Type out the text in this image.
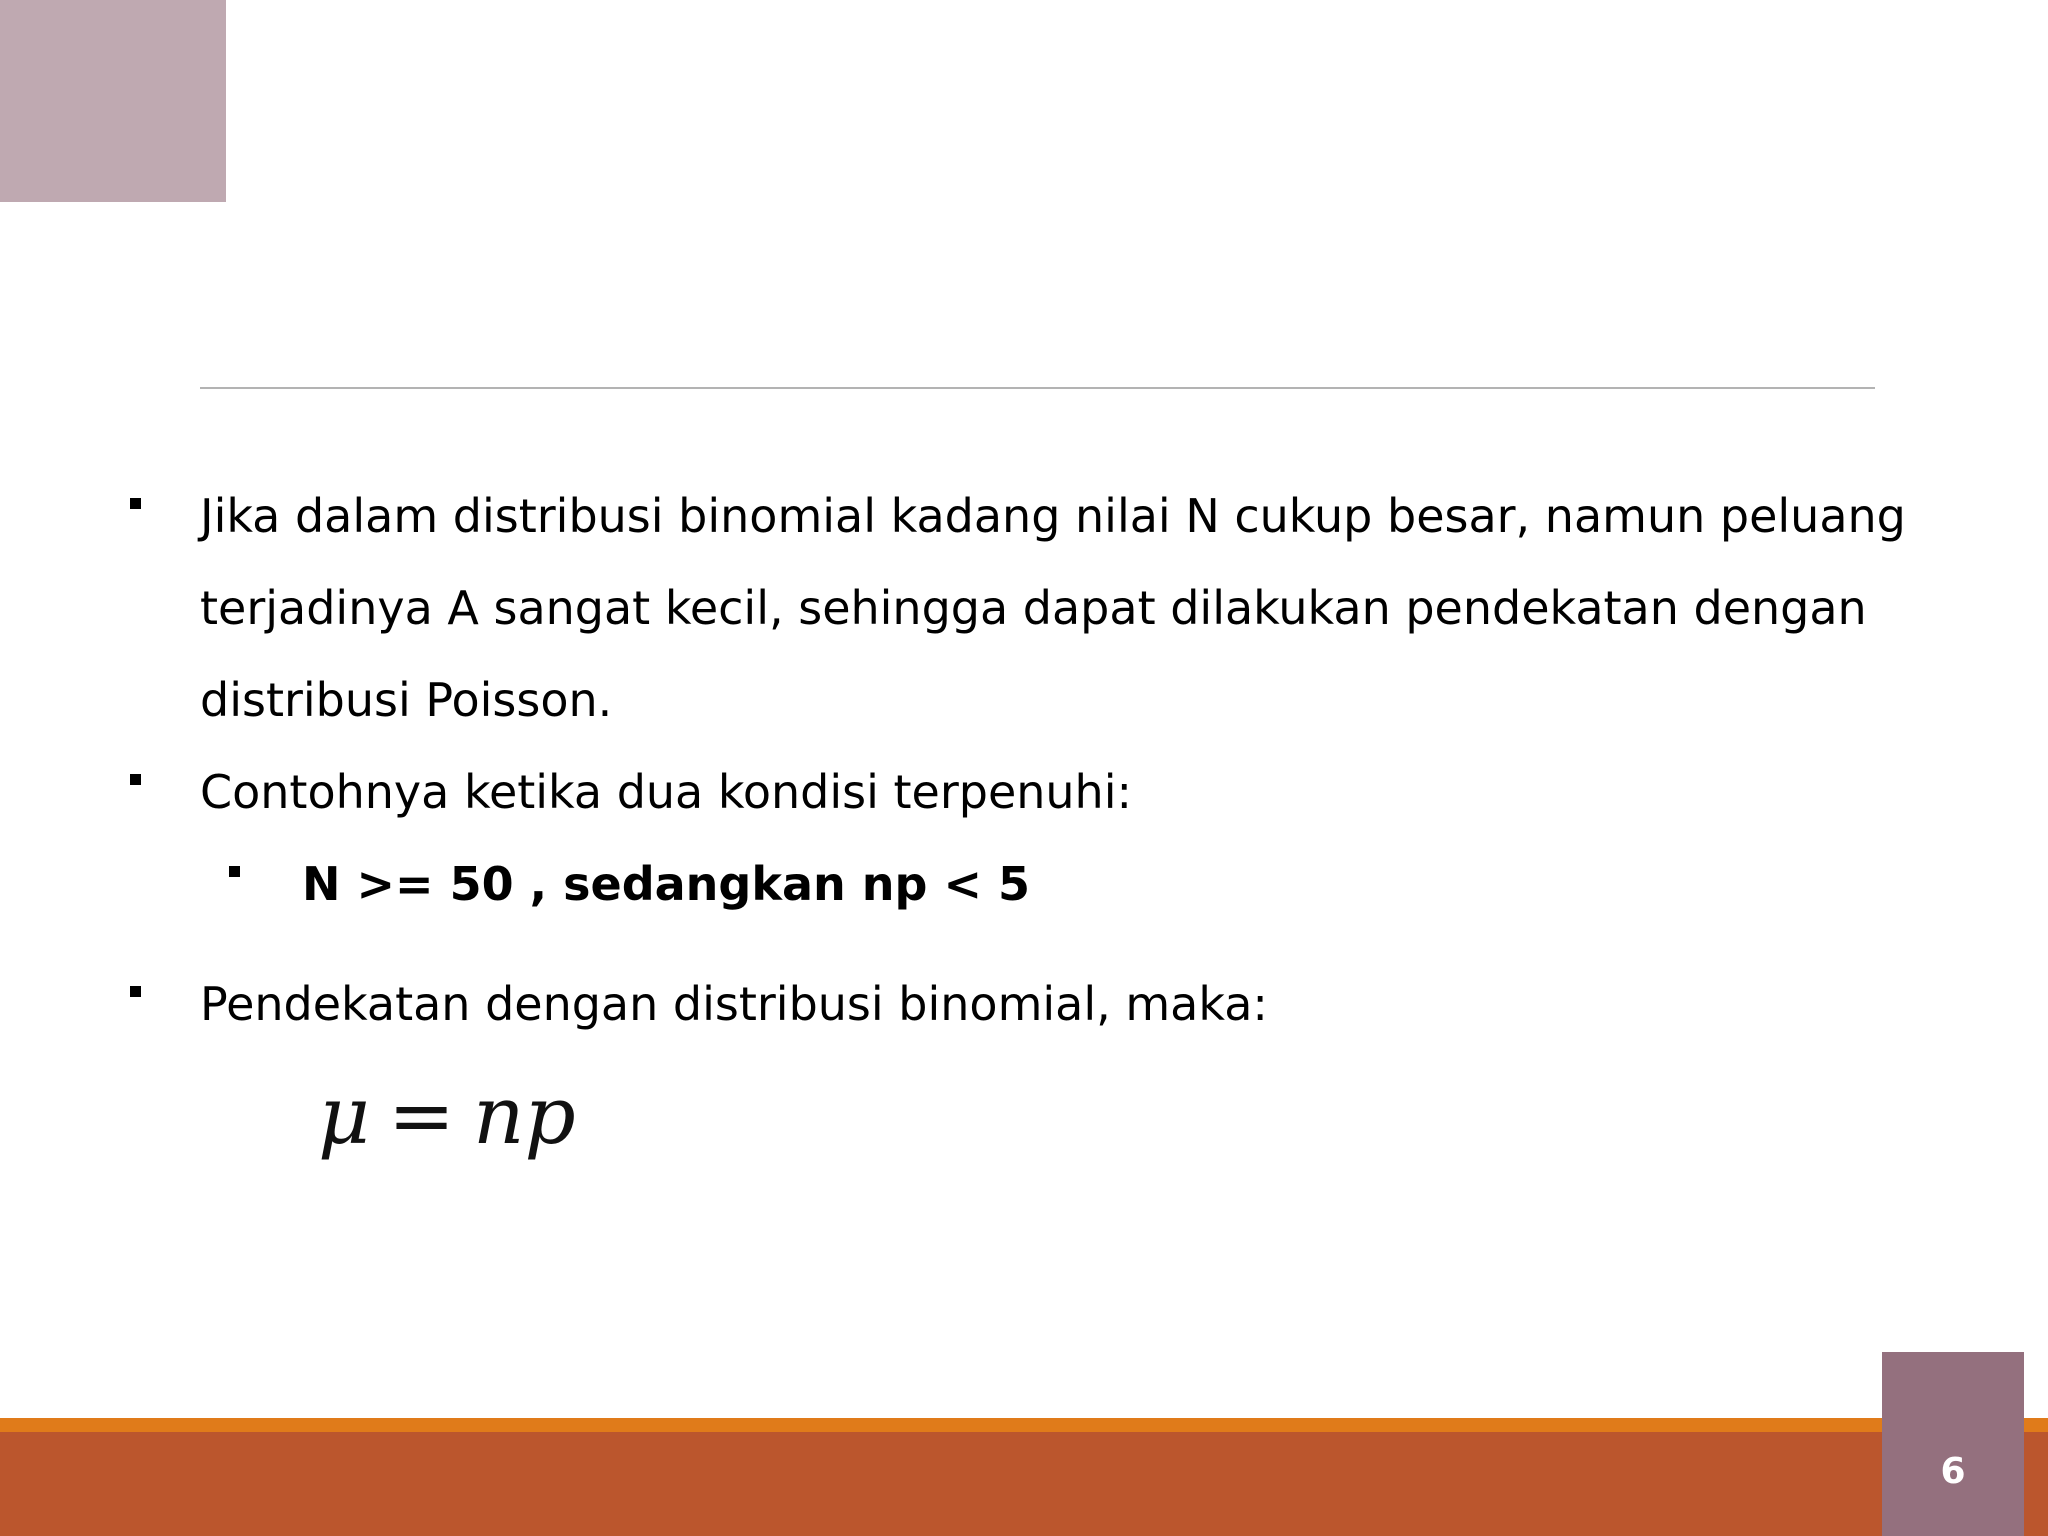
Jika dalam distribusi binomial kadang nilai N cukup besar, namun peluang
terjadinya A sangat kecil, sehingga dapat dilakukan pendekatan dengan
distribusi Poisson.
Contohnya ketika dua kondisi terpenuhi:
N >= 50 , sedangkan np < 5
Pendekatan dengan distribusi binomial, maka:
μ = np
6
